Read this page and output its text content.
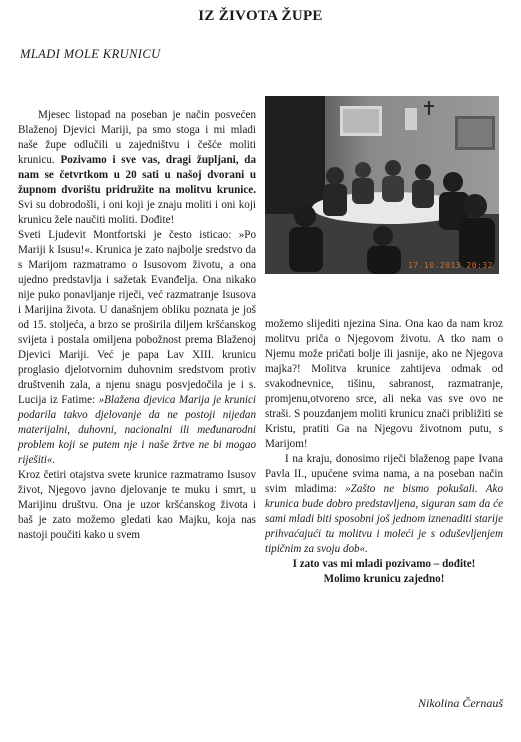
IZ ŽIVOTA ŽUPE
MLADI MOLE KRUNICU
17.10.2013 20:32

Mjesec listopad na poseban je način posvećen Blaženoj Djevici Mariji, pa smo stoga i mi mladi naše župe odlučili u zajedništvu i češće moliti krunicu. Pozivamo i sve vas, dragi župljani, da nam se četvrtkom u 20 sati u našoj dvorani u župnom dvorištu pridružite na molitvu krunice. Svi su dobrodošli, i oni koji je znaju moliti i oni koji krunicu žele naučiti moliti. Dođite!

Sveti Ljudevit Montfortski je često isticao: »Po Mariji k Isusu!«. Krunica je zato najbolje sredstvo da s Marijom razmatramo o Isusovom životu, a ona ujedno predstavlja i sažetak Evanđelja. Ona nikako nije puko ponavljanje riječi, već razmatranje Isusova i Marijina života. U današnjem obliku poznata je još od 15. stoljeća, a brzo se proširila diljem kršćanskog svijeta i postala omiljena pobožnost prema Blaženoj Djevici Mariji. Već je papa Lav XIII. krunicu proglasio djelotvornim duhovnim sredstvom protiv društvenih zala, a njenu snagu posvjedočila je i s. Lucija iz Fatime: »Blažena djevica Marija je krunici podarila takvo djelovanje da ne postoji nijedan materijalni, duhovni, nacionalni ili međunarodni problem koji se putem nje i naše žrtve ne bi mogao riješiti«.

Kroz četiri otajstva svete krunice razmatramo Isusov život, Njegovo javno djelovanje te muku i smrt, u Marijinu društvu. Ona je uzor kršćanskog života i baš je zato možemo gledati kao Majku, koja nas nastoji poučiti kako u svem

možemo slijediti njezina Sina. Ona kao da nam kroz molitvu priča o Njegovom životu. A tko nam o Njemu može pričati bolje ili jasnije, ako ne Njegova majka?! Molitva krunice zahtijeva odmak od svakodnevnice, tišinu, sabranost, razmatranje, promjenu,otvoreno srce, ali neka vas sve ovo ne straši. S pouzdanjem moliti krunicu znači približiti se Kristu, pratiti Ga na Njegovu životnom putu, s Marijom!

I na kraju, donosimo riječi blaženog pape Ivana Pavla II., upućene svima nama, a na poseban način svim mladima: »Zašto ne bismo pokušali. Ako krunica bude dobro predstavljena, siguran sam da će sami mladi biti sposobni još jednom iznenaditi starije prihvaćajući tu molitvu i moleći je s oduševljenjem tipičnim za svoju dob«.

I zato vas mi mladi pozivamo – dođite!

Molimo krunicu zajedno!

Nikolina Černauš
